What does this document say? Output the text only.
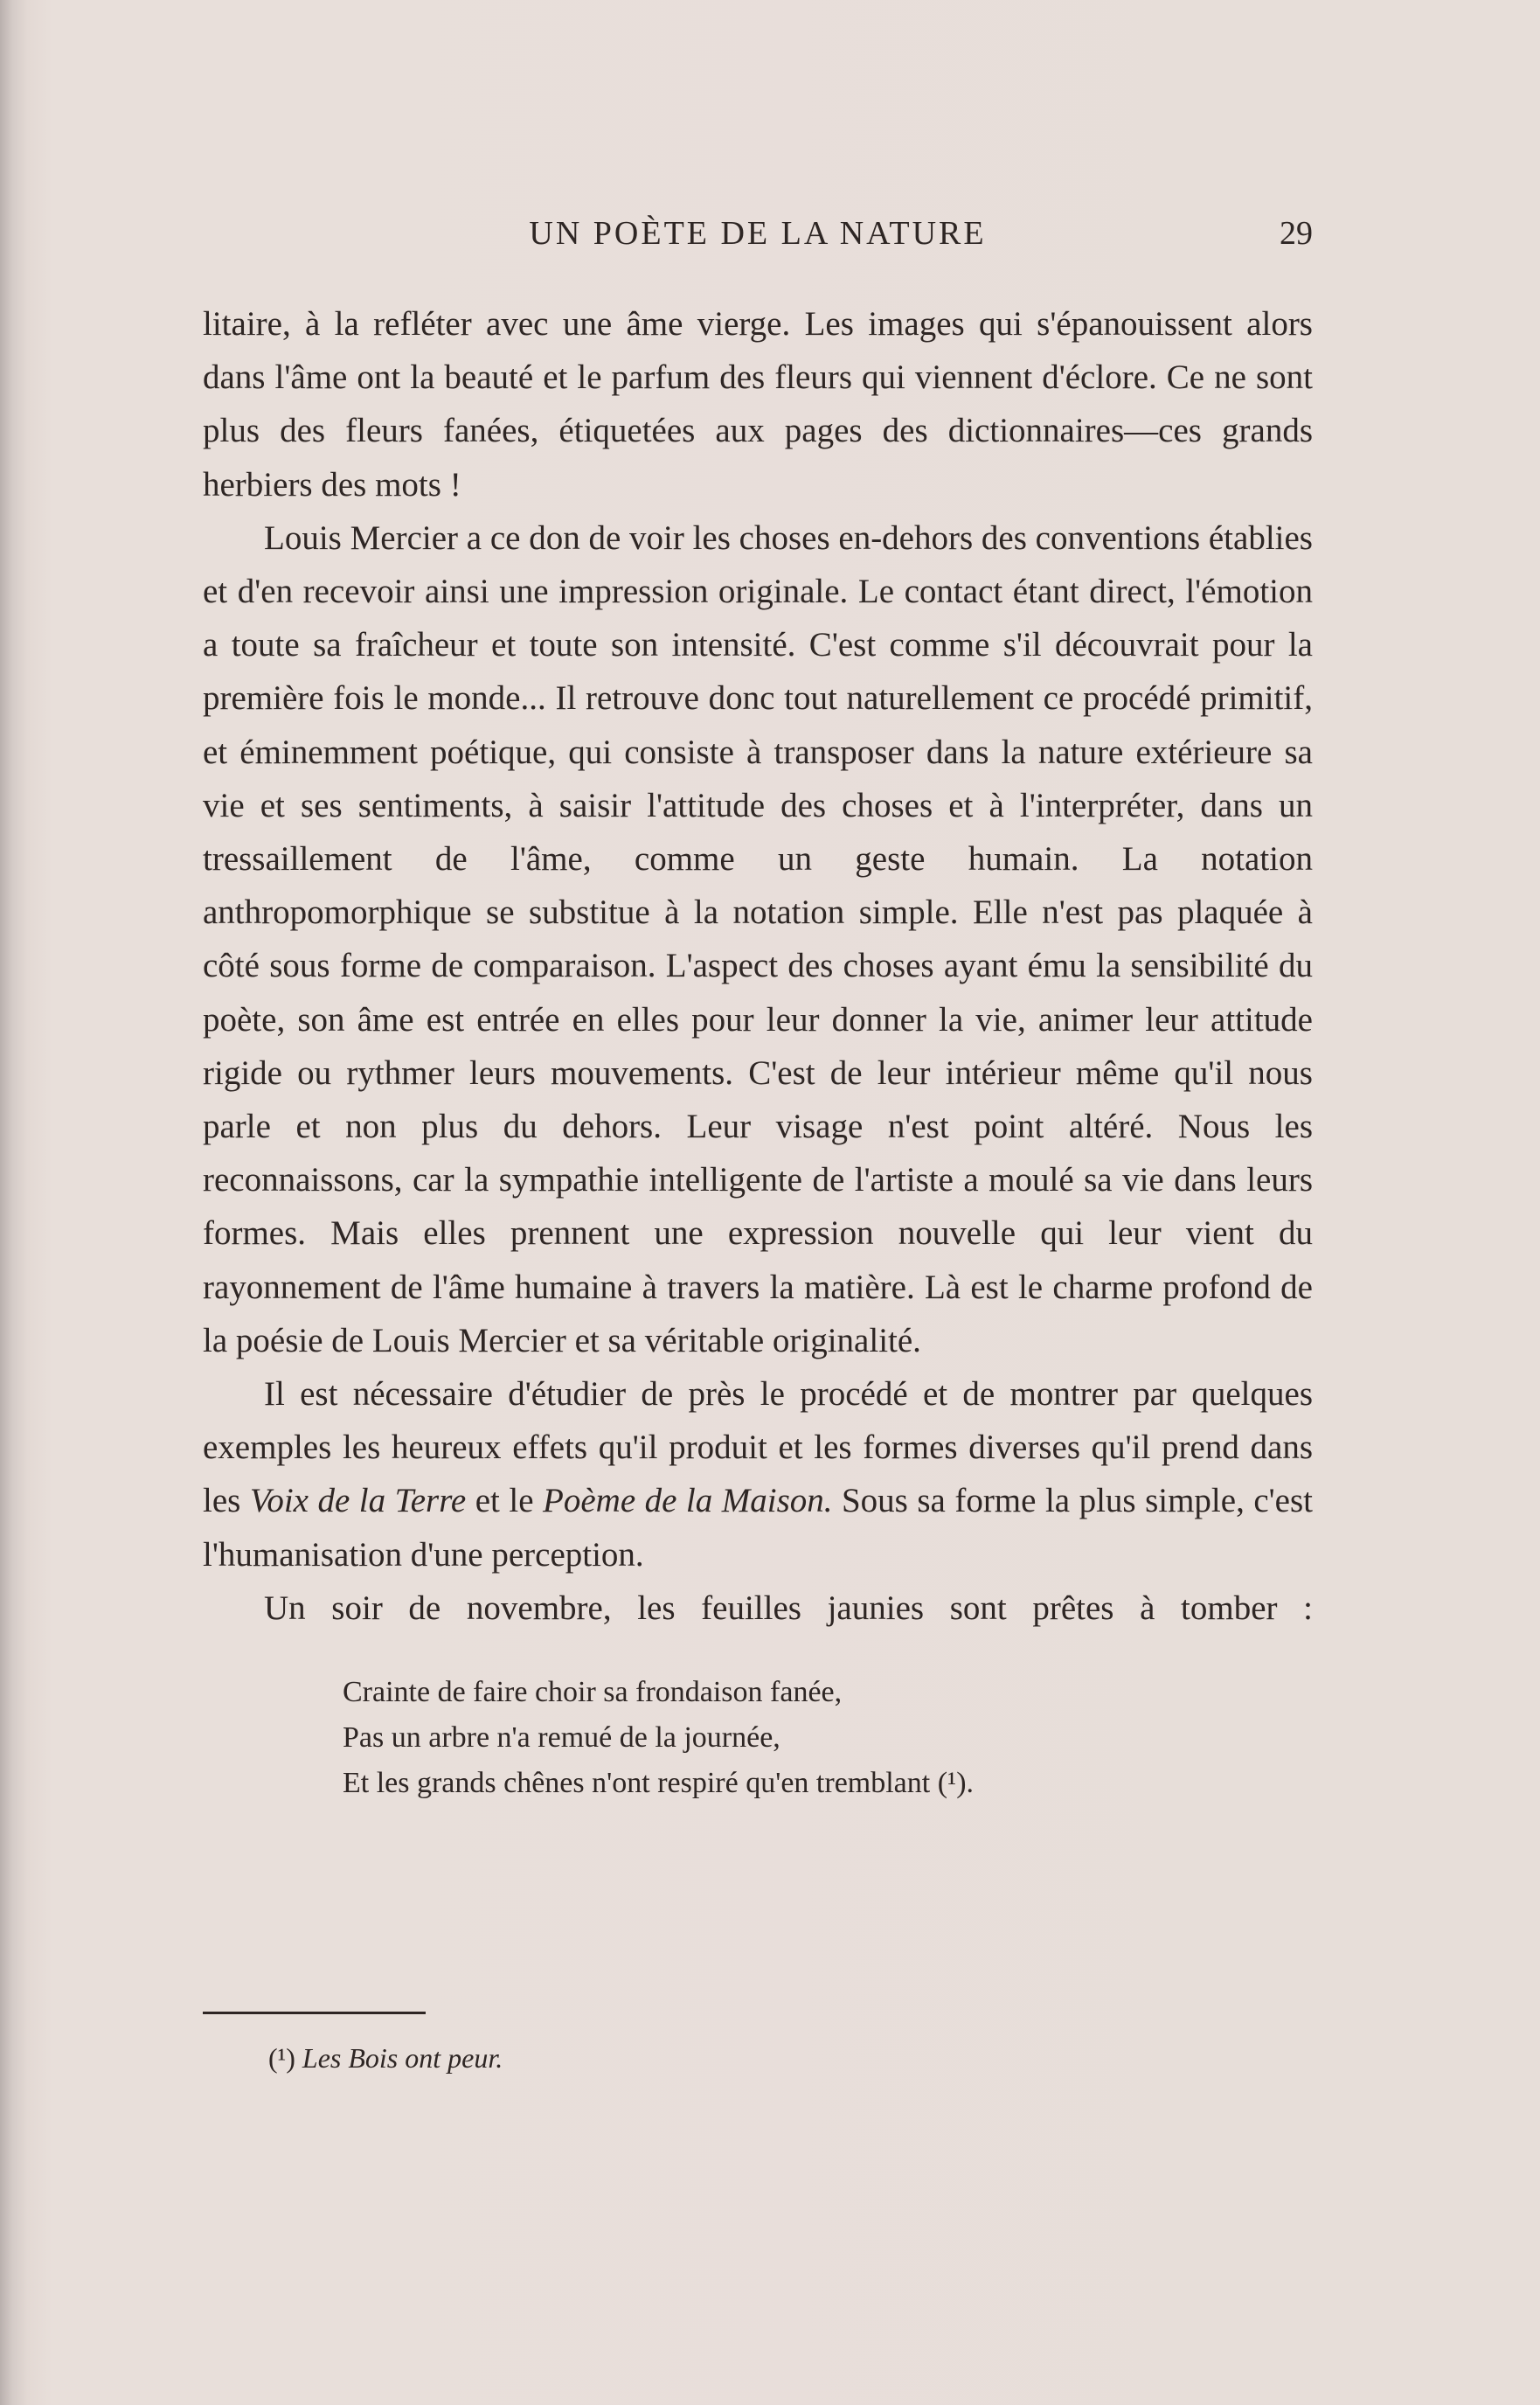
UN POÈTE DE LA NATURE	29

litaire, à la refléter avec une âme vierge. Les images qui s'épanouissent alors dans l'âme ont la beauté et le parfum des fleurs qui viennent d'éclore. Ce ne sont plus des fleurs fanées, étiquetées aux pages des dictionnaires—ces grands herbiers des mots !

Louis Mercier a ce don de voir les choses en-dehors des conventions établies et d'en recevoir ainsi une impression originale. Le contact étant direct, l'émotion a toute sa fraîcheur et toute son intensité. C'est comme s'il découvrait pour la première fois le monde... Il retrouve donc tout naturellement ce procédé primitif, et éminemment poétique, qui consiste à transposer dans la nature extérieure sa vie et ses sentiments, à saisir l'attitude des choses et à l'interpréter, dans un tressaillement de l'âme, comme un geste humain. La notation anthropomorphique se substitue à la notation simple. Elle n'est pas plaquée à côté sous forme de comparaison. L'aspect des choses ayant ému la sensibilité du poète, son âme est entrée en elles pour leur donner la vie, animer leur attitude rigide ou rythmer leurs mouvements. C'est de leur intérieur même qu'il nous parle et non plus du dehors. Leur visage n'est point altéré. Nous les reconnaissons, car la sympathie intelligente de l'artiste a moulé sa vie dans leurs formes. Mais elles prennent une expression nouvelle qui leur vient du rayonnement de l'âme humaine à travers la matière. Là est le charme profond de la poésie de Louis Mercier et sa véritable originalité.

Il est nécessaire d'étudier de près le procédé et de montrer par quelques exemples les heureux effets qu'il produit et les formes diverses qu'il prend dans les Voix de la Terre et le Poème de la Maison. Sous sa forme la plus simple, c'est l'humanisation d'une perception.

Un soir de novembre, les feuilles jaunies sont prêtes à tomber :

Crainte de faire choir sa frondaison fanée,
Pas un arbre n'a remué de la journée,
Et les grands chênes n'ont respiré qu'en tremblant (¹).
(¹) Les Bois ont peur.
